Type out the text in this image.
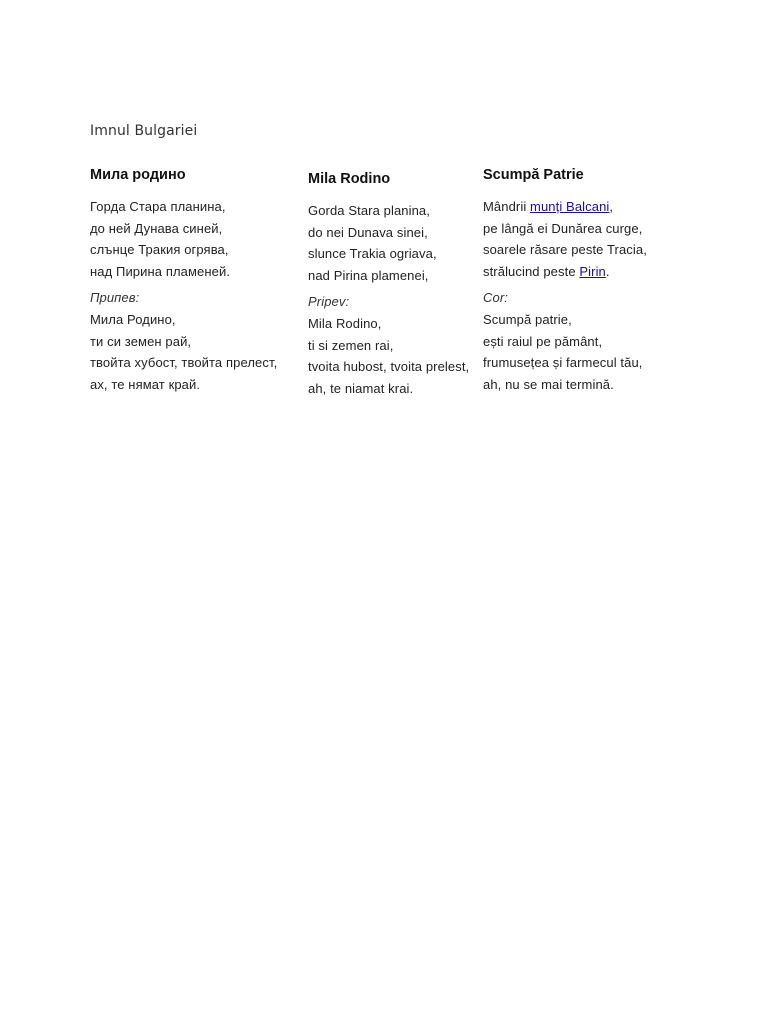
Imnul Bulgariei
Мила родино
Горда Стара планина,
до ней Дунава синей,
слънце Тракия огрява,
над Пирина пламеней.
Припев:
Мила Родино,
ти си земен рай,
твойта хубост, твойта прелест,
ах, те нямат край.
Mila Rodino
Gorda Stara planina,
do nei Dunava sinei,
slunce Trakia ogriava,
nad Pirina plamenei,
Pripev:
Mila Rodino,
ti si zemen rai,
tvoita hubost, tvoita prelest,
ah, te niamat krai.
Scumpă Patrie
Mândrii munți Balcani,
pe lângă ei Dunărea curge,
soarele răsare peste Tracia,
strălucind peste Pirin.
Cor:
Scumpă patrie,
ești raiul pe pământ,
frumusețea și farmecul tău,
ah, nu se mai termină.
